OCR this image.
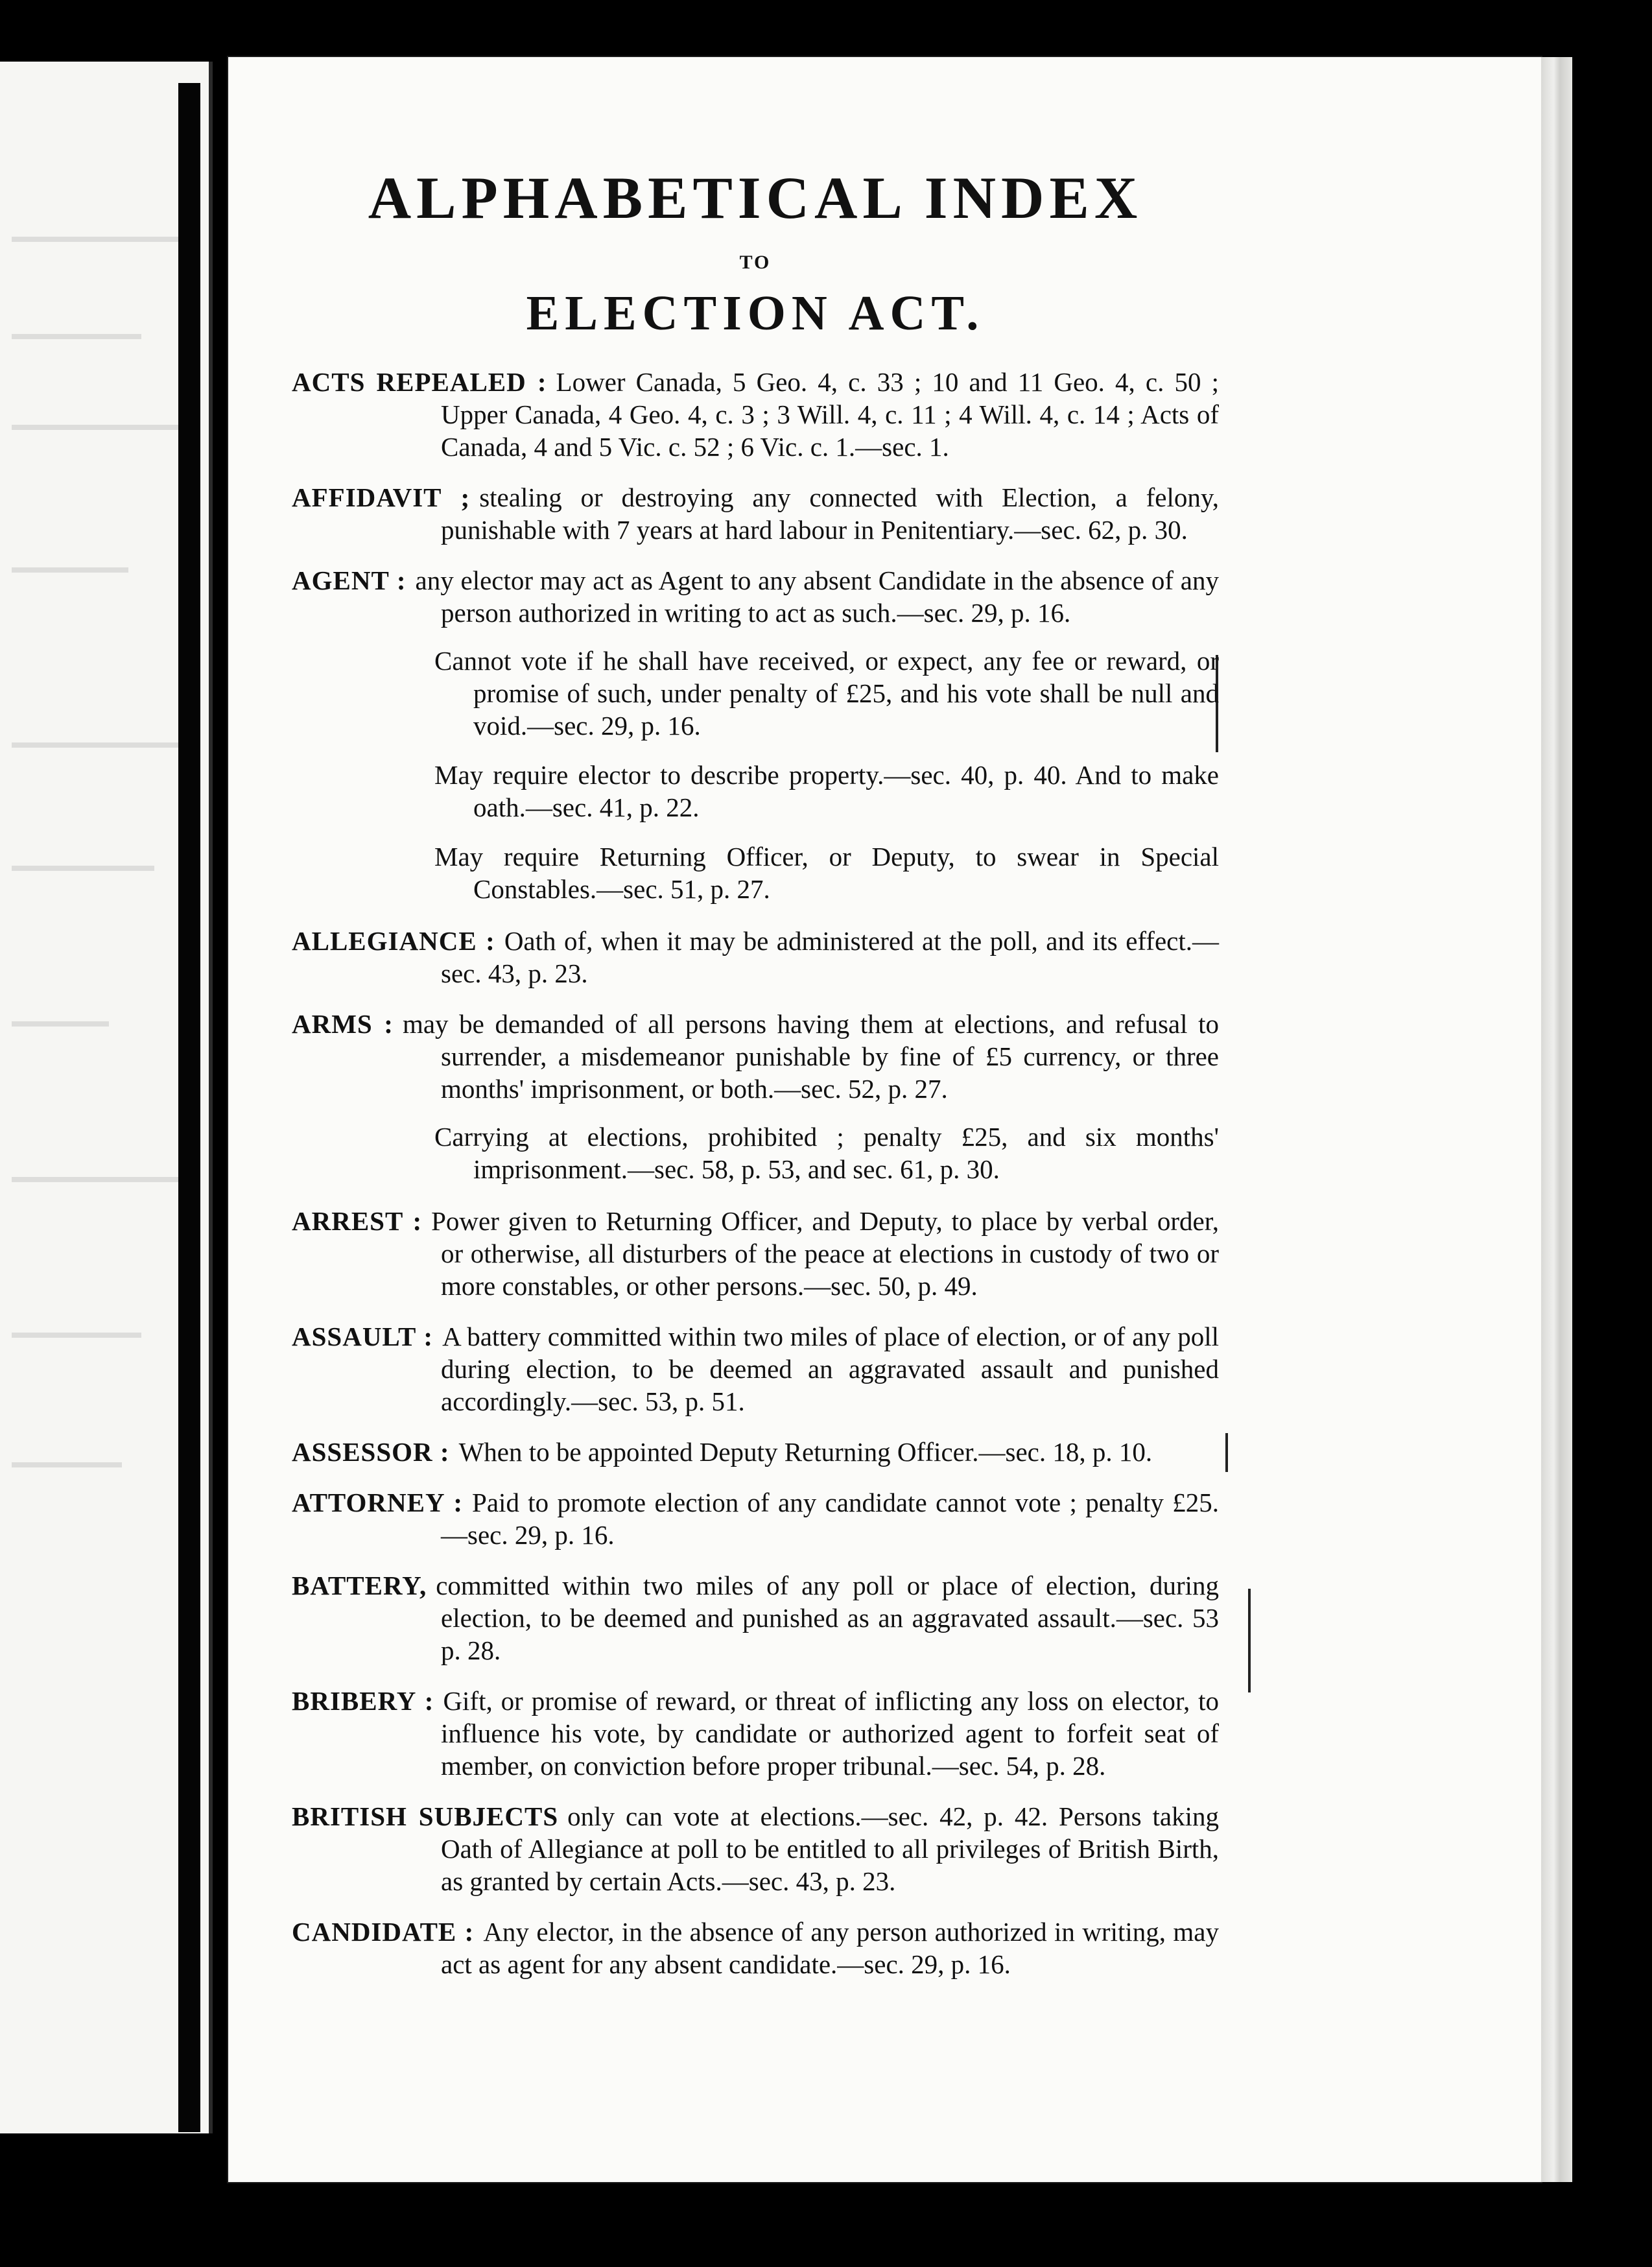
ALPHABETICAL INDEX
TO
ELECTION ACT.

ACTS REPEALED : Lower Canada, 5 Geo. 4, c. 33 ; 10 and 11 Geo. 4, c. 50 ; Upper Canada, 4 Geo. 4, c. 3 ; 3 Will. 4, c. 11 ; 4 Will. 4, c. 14 ; Acts of Canada, 4 and 5 Vic. c. 52 ; 6 Vic. c. 1.—sec. 1.

AFFIDAVIT ; stealing or destroying any connected with Election, a felony, punishable with 7 years at hard labour in Penitentiary.—sec. 62, p. 30.

AGENT : any elector may act as Agent to any absent Candidate in the absence of any person authorized in writing to act as such.—sec. 29, p. 16.

Cannot vote if he shall have received, or expect, any fee or reward, or promise of such, under penalty of £25, and his vote shall be null and void.—sec. 29, p. 16.

May require elector to describe property.—sec. 40, p. 40. And to make oath.—sec. 41, p. 22.

May require Returning Officer, or Deputy, to swear in Special Constables.—sec. 51, p. 27.

ALLEGIANCE : Oath of, when it may be administered at the poll, and its effect.—sec. 43, p. 23.

ARMS : may be demanded of all persons having them at elections, and refusal to surrender, a misdemeanor punishable by fine of £5 currency, or three months' imprisonment, or both.—sec. 52, p. 27.

Carrying at elections, prohibited ; penalty £25, and six months' imprisonment.—sec. 58, p. 53, and sec. 61, p. 30.

ARREST : Power given to Returning Officer, and Deputy, to place by verbal order, or otherwise, all disturbers of the peace at elections in custody of two or more constables, or other persons.—sec. 50, p. 49.

ASSAULT : A battery committed within two miles of place of election, or of any poll during election, to be deemed an aggravated assault and punished accordingly.—sec. 53, p. 51.

ASSESSOR : When to be appointed Deputy Returning Officer.—sec. 18, p. 10.

ATTORNEY : Paid to promote election of any candidate cannot vote ; penalty £25.—sec. 29, p. 16.

BATTERY, committed within two miles of any poll or place of election, during election, to be deemed and punished as an aggravated assault.—sec. 53 p. 28.

BRIBERY : Gift, or promise of reward, or threat of inflicting any loss on elector, to influence his vote, by candidate or authorized agent to forfeit seat of member, on conviction before proper tribunal.—sec. 54, p. 28.

BRITISH SUBJECTS only can vote at elections.—sec. 42, p. 42. Persons taking Oath of Allegiance at poll to be entitled to all privileges of British Birth, as granted by certain Acts.—sec. 43, p. 23.

CANDIDATE : Any elector, in the absence of any person authorized in writing, may act as agent for any absent candidate.—sec. 29, p. 16.
